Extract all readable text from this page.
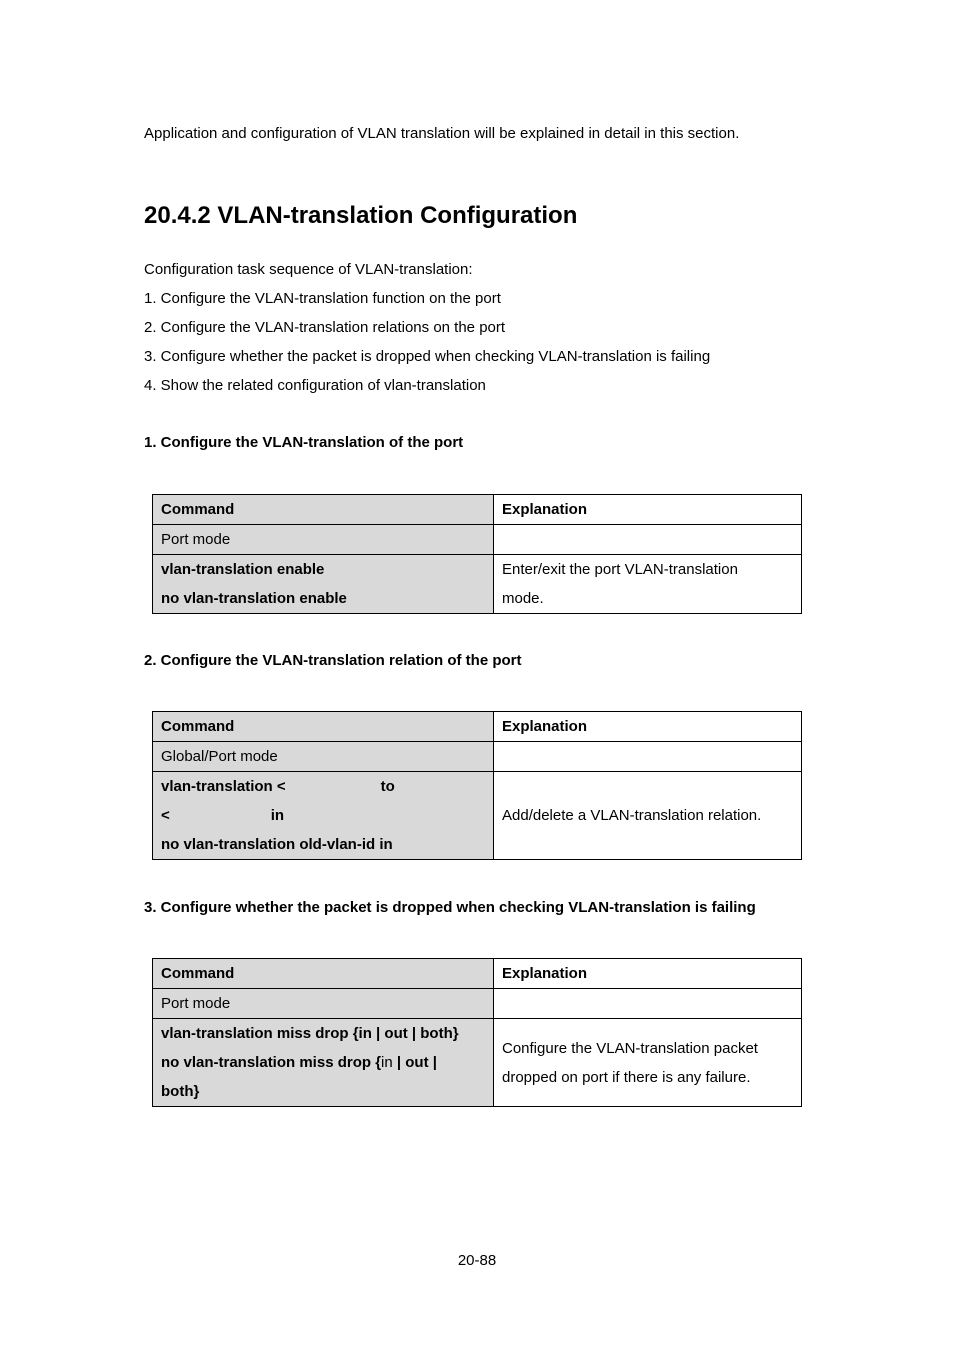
Application and configuration of VLAN translation will be explained in detail in this section.

20.4.2 VLAN-translation Configuration

Configuration task sequence of VLAN-translation:

1. Configure the VLAN-translation function on the port

2. Configure the VLAN-translation relations on the port

3. Configure whether the packet is dropped when checking VLAN-translation is failing

4. Show the related configuration of vlan-translation

1. Configure the VLAN-translation of the port

Command	Explanation
Port mode	

vlan-translation enable
no vlan-translation enable	Enter/exit the port VLAN-translation
mode.

2. Configure the VLAN-translation relation of the port

Command	Explanation
Global/Port mode	

vlan-translation < to
< in
no vlan-translation old-vlan-id in	Add/delete a VLAN-translation relation.

3. Configure whether the packet is dropped when checking VLAN-translation is failing

Command	Explanation
Port mode	

vlan-translation miss drop {in | out | both}
no vlan-translation miss drop {in | out |
both}	Configure the VLAN-translation packet
dropped on port if there is any failure.

20-88
